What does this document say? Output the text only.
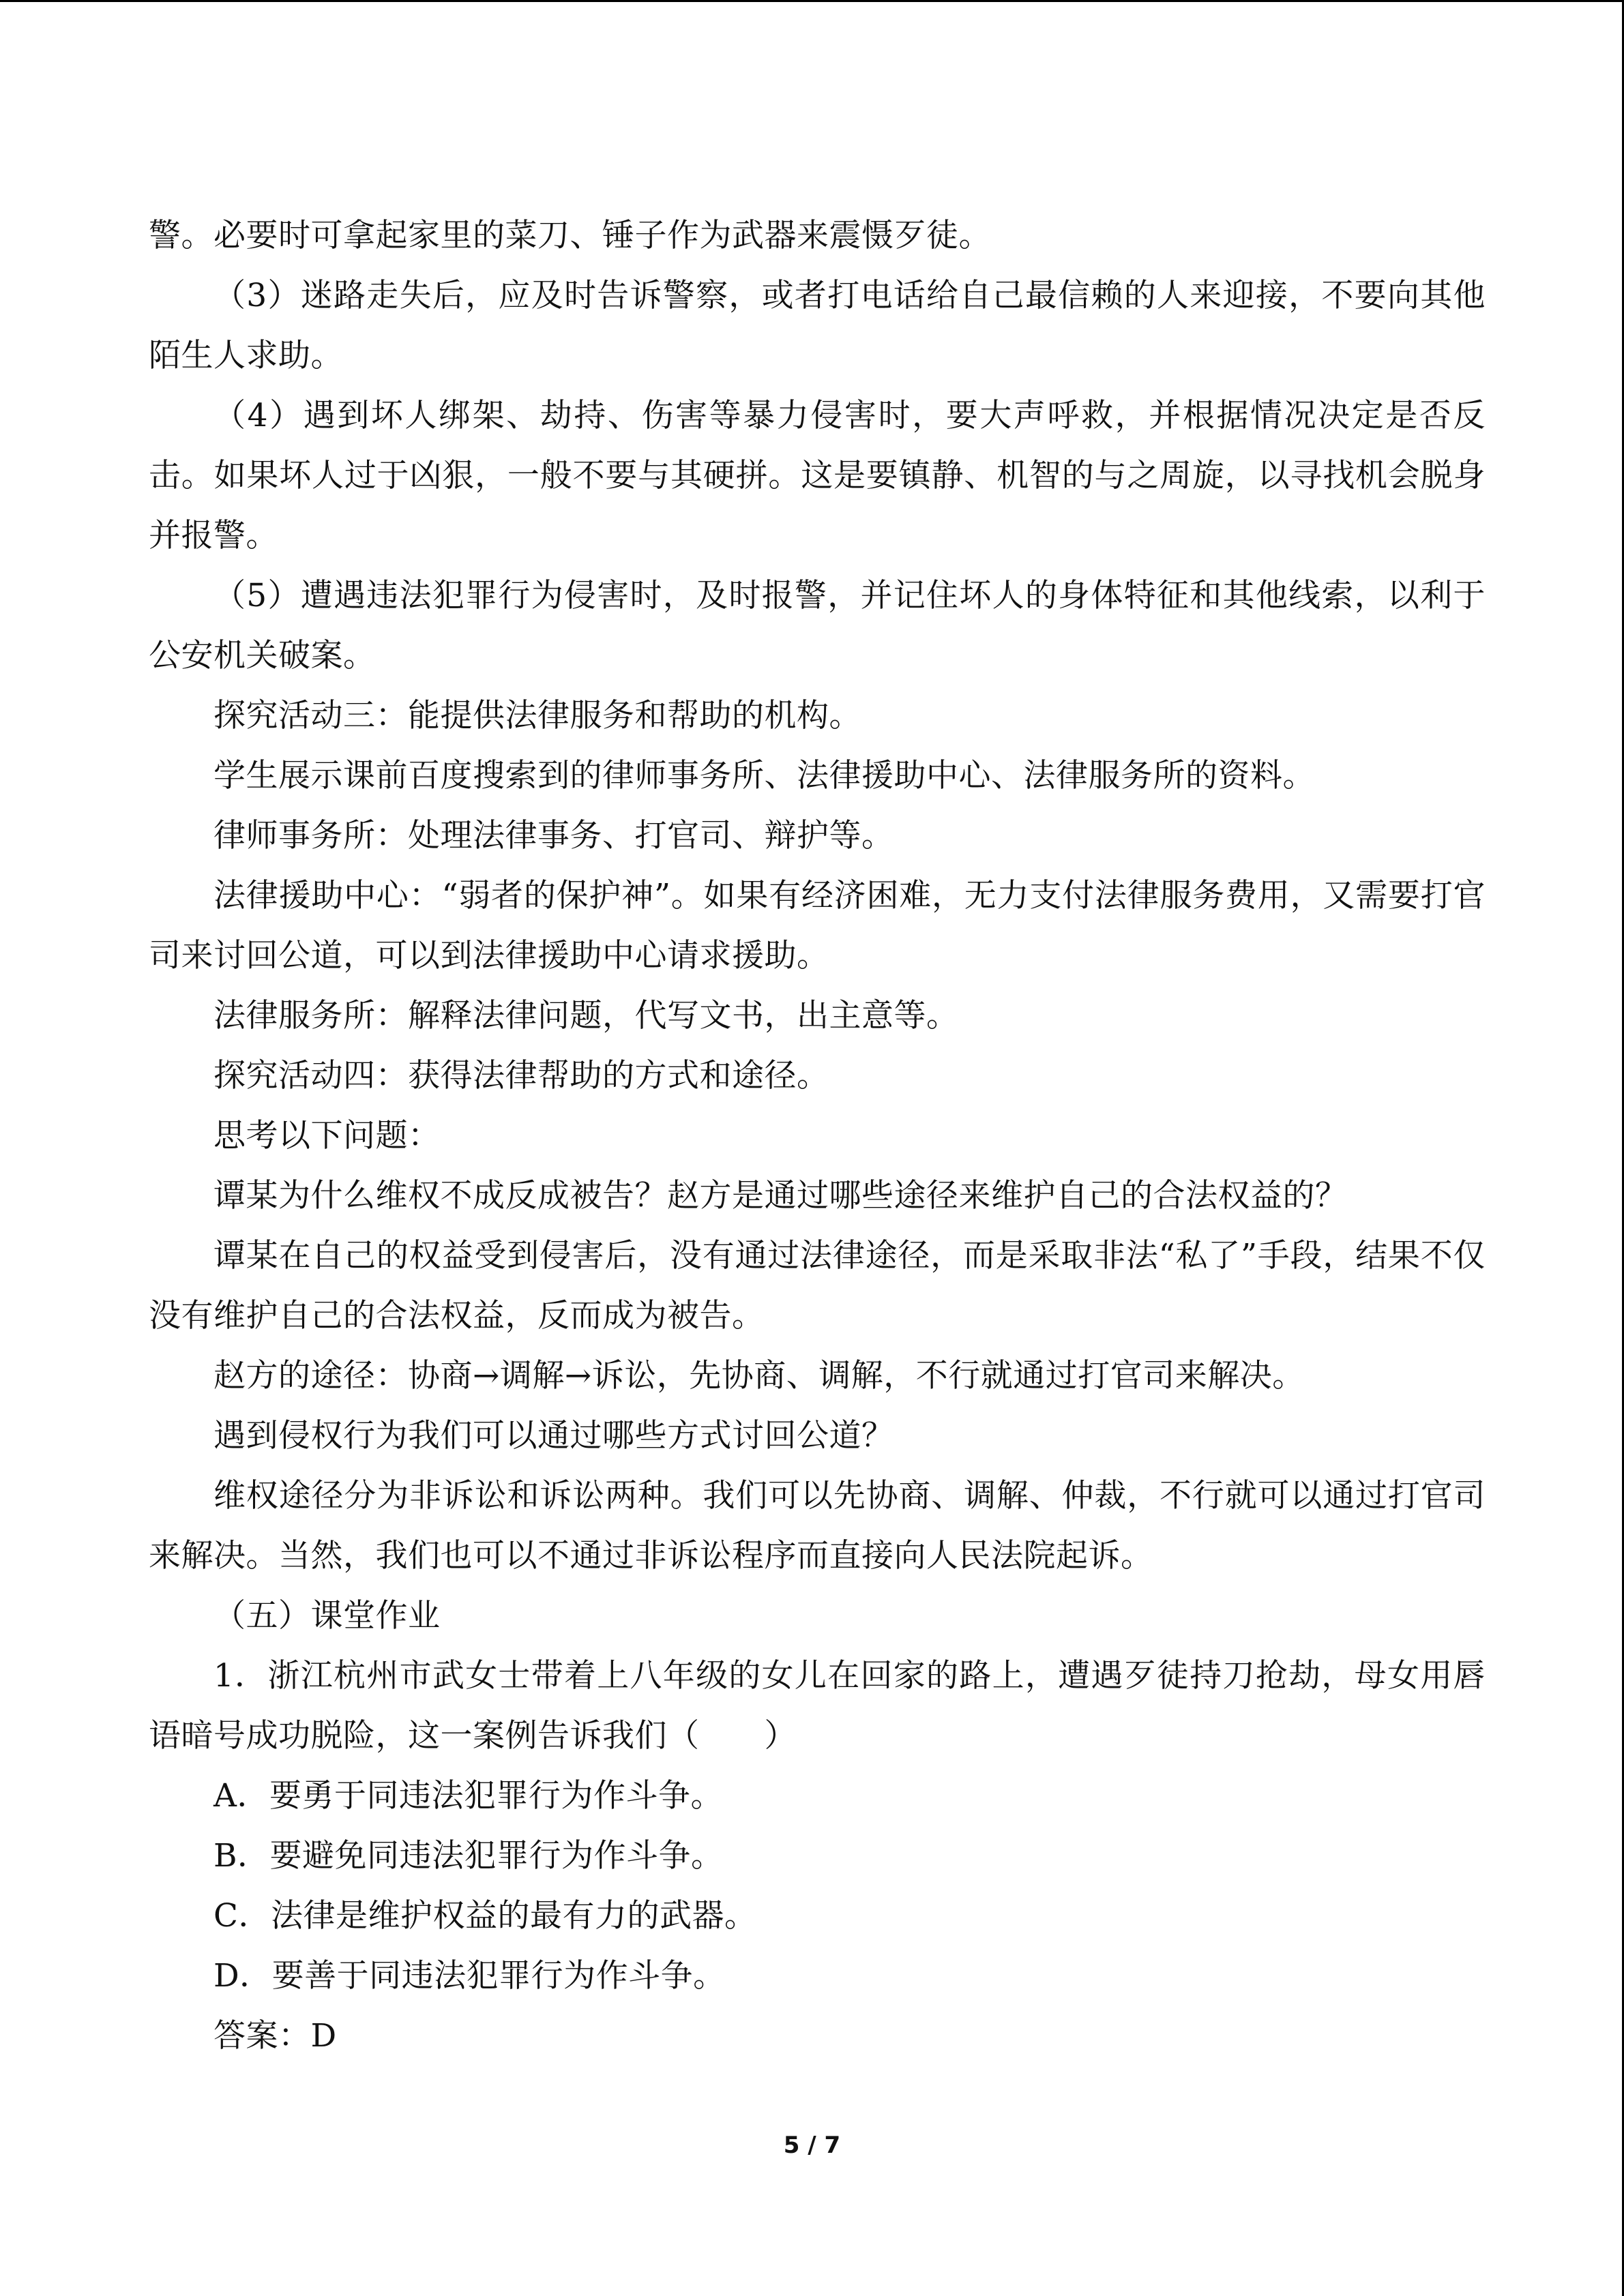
警。必要时可拿起家里的菜刀、锤子作为武器来震慑歹徒。

（3）迷路走失后，应及时告诉警察，或者打电话给自己最信赖的人来迎接，不要向其他陌生人求助。

（4）遇到坏人绑架、劫持、伤害等暴力侵害时，要大声呼救，并根据情况决定是否反击。如果坏人过于凶狠，一般不要与其硬拼。这是要镇静、机智的与之周旋，以寻找机会脱身并报警。

（5）遭遇违法犯罪行为侵害时，及时报警，并记住坏人的身体特征和其他线索，以利于公安机关破案。

探究活动三：能提供法律服务和帮助的机构。

学生展示课前百度搜索到的律师事务所、法律援助中心、法律服务所的资料。

律师事务所：处理法律事务、打官司、辩护等。

法律援助中心：“弱者的保护神”。如果有经济困难，无力支付法律服务费用，又需要打官司来讨回公道，可以到法律援助中心请求援助。

法律服务所：解释法律问题，代写文书，出主意等。

探究活动四：获得法律帮助的方式和途径。

思考以下问题：

谭某为什么维权不成反成被告？赵方是通过哪些途径来维护自己的合法权益的？

谭某在自己的权益受到侵害后，没有通过法律途径，而是采取非法“私了”手段，结果不仅没有维护自己的合法权益，反而成为被告。

赵方的途径：协商→调解→诉讼，先协商、调解，不行就通过打官司来解决。

遇到侵权行为我们可以通过哪些方式讨回公道？

维权途径分为非诉讼和诉讼两种。我们可以先协商、调解、仲裁，不行就可以通过打官司来解决。当然，我们也可以不通过非诉讼程序而直接向人民法院起诉。

（五）课堂作业

1．浙江杭州市武女士带着上八年级的女儿在回家的路上，遭遇歹徒持刀抢劫，母女用唇语暗号成功脱险，这一案例告诉我们（　　）

A．要勇于同违法犯罪行为作斗争。

B．要避免同违法犯罪行为作斗争。

C．法律是维护权益的最有力的武器。

D．要善于同违法犯罪行为作斗争。

答案：D

5 / 7
